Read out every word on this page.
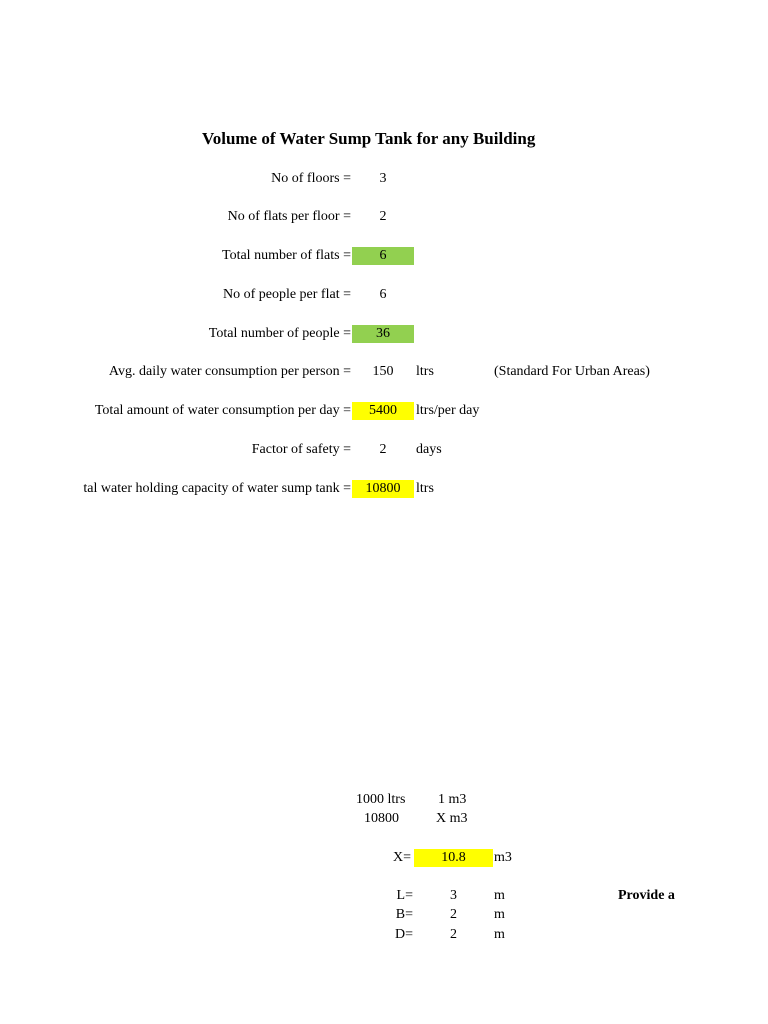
Volume of Water Sump Tank for any Building
No of floors =	3
No of flats per floor =	2
Total number of flats =	6
No of people per flat =	6
Total number of people =	36
Avg. daily water consumption per person =	150	ltrs	(Standard For Urban Areas)
Total amount of water consumption per day =	5400	ltrs/per day
Factor of safety =	2	days
tal water holding capacity of water sump tank =	10800	ltrs
1000 ltrs 1 m3
10800	X m3
X=	10.8	m3
L=	3	m	Provide a
B=	2	m
D=	2	m
